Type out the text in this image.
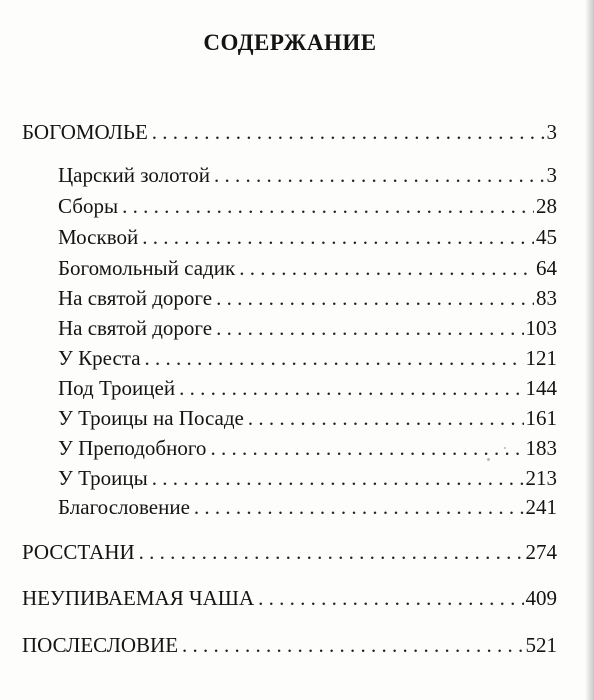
СОДЕРЖАНИЕ
БОГОМОЛЬЕ . . .	3
Царский золотой . . .	3
Сборы . . .	28
Москвой . . .	45
Богомольный садик . . .	64
На святой дороге . . .	83
На святой дороге . . .	103
У Креста . . .	121
Под Троицей . . .	144
У Троицы на Посаде . . .	161
У Преподобного . . .	183
У Троицы . . .	213
Благословение . . .	241
РОССТАНИ . . .	274
НЕУПИВАЕМАЯ ЧАША . . .	409
ПОСЛЕСЛОВИЕ . . .	521
